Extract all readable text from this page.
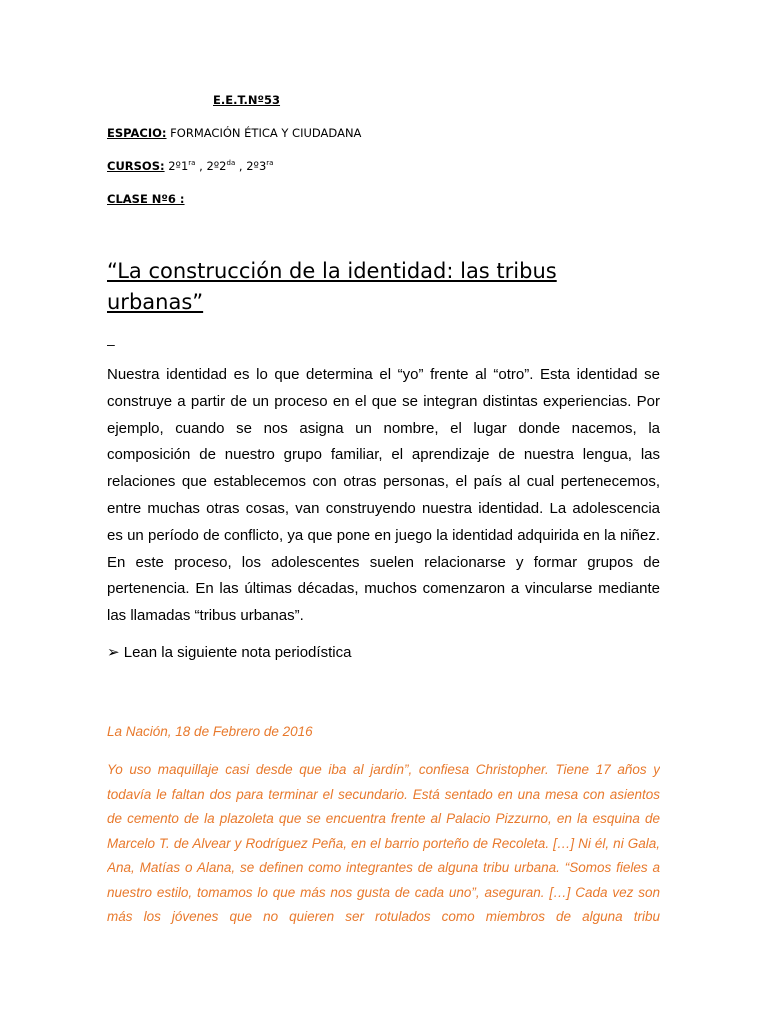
E.E.T.Nº53
ESPACIO: FORMACIÓN ÉTICA Y CIUDADANA
CURSOS: $2º1^{ra}$ , $2º2^{da}$ , $2º3^{ra}$
CLASE Nº6 :
“La construcción de la identidad: las tribus urbanas”
–
Nuestra identidad es lo que determina el “yo” frente al “otro”. Esta identidad se construye a partir de un proceso en el que se integran distintas experiencias. Por ejemplo, cuando se nos asigna un nombre, el lugar donde nacemos, la composición de nuestro grupo familiar, el aprendizaje de nuestra lengua, las relaciones que establecemos con otras personas, el país al cual pertenecemos, entre muchas otras cosas, van construyendo nuestra identidad. La adolescencia es un período de conflicto, ya que pone en juego la identidad adquirida en la niñez. En este proceso, los adolescentes suelen relacionarse y formar grupos de pertenencia. En las últimas décadas, muchos comenzaron a vincularse mediante las llamadas “tribus urbanas”.
➢ Lean la siguiente nota periodística
La Nación, 18 de Febrero de 2016
Yo uso maquillaje casi desde que iba al jardín”, confiesa Christopher. Tiene 17 años y todavía le faltan dos para terminar el secundario. Está sentado en una mesa con asientos de cemento de la plazoleta que se encuentra frente al Palacio Pizzurno, en la esquina de Marcelo T. de Alvear y Rodríguez Peña, en el barrio porteño de Recoleta. […] Ni él, ni Gala, Ana, Matías o Alana, se definen como integrantes de alguna tribu urbana. “Somos fieles a nuestro estilo, tomamos lo que más nos gusta de cada uno”, aseguran. […] Cada vez son más los jóvenes que no quieren ser rotulados como miembros de alguna tribu
